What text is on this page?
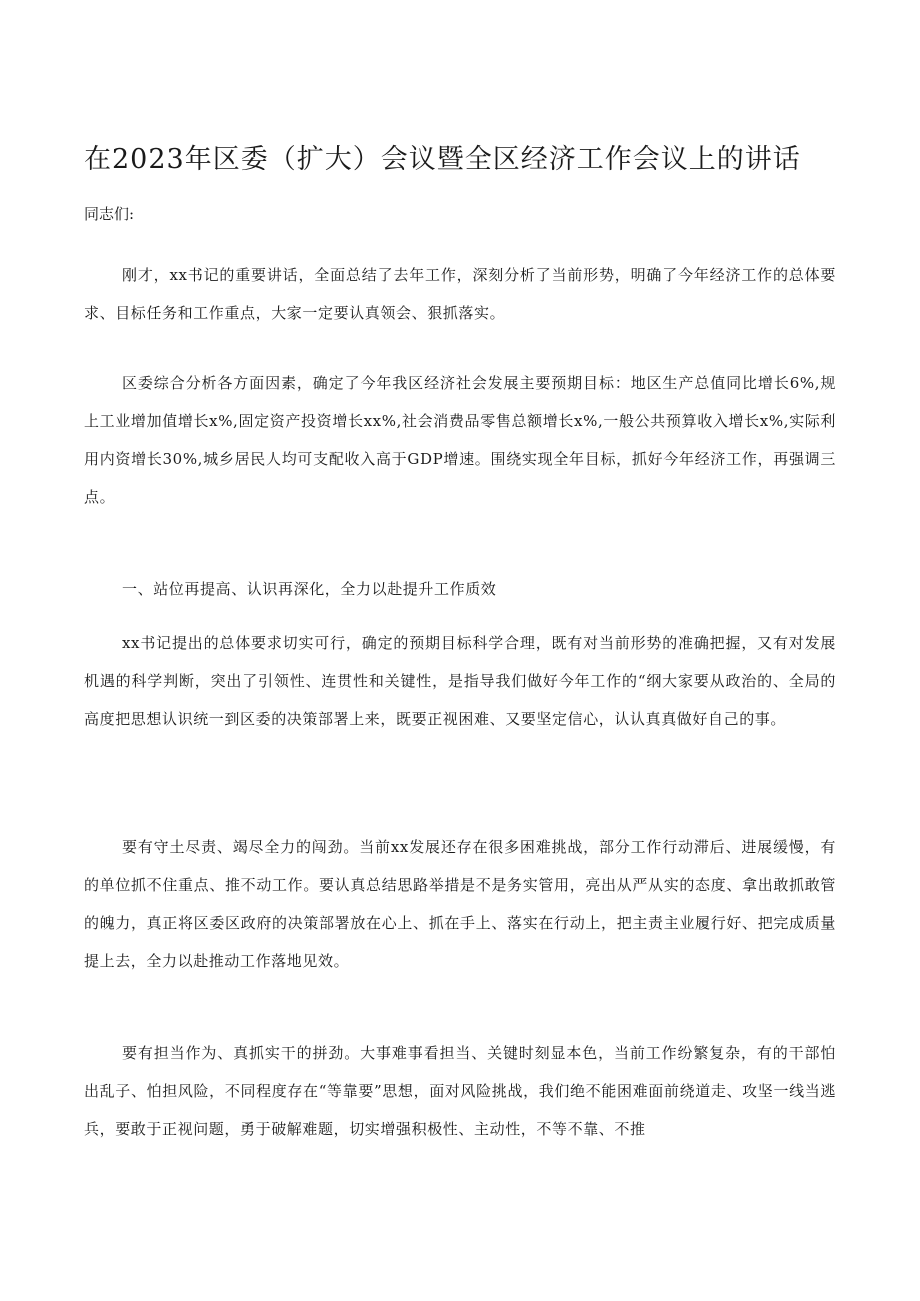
在2023年区委（扩大）会议暨全区经济工作会议上的讲话

同志们:

刚才，xx书记的重要讲话，全面总结了去年工作，深刻分析了当前形势，明确了今年经济工作的总体要求、目标任务和工作重点，大家一定要认真领会、狠抓落实。

区委综合分析各方面因素，确定了今年我区经济社会发展主要预期目标：地区生产总值同比增长6%,规上工业增加值增长x%,固定资产投资增长xx%,社会消费品零售总额增长x%,一般公共预算收入增长x%,实际利用内资增长30%,城乡居民人均可支配收入高于GDP增速。围绕实现全年目标，抓好今年经济工作，再强调三点。

一、站位再提高、认识再深化，全力以赴提升工作质效

xx书记提出的总体要求切实可行，确定的预期目标科学合理，既有对当前形势的准确把握，又有对发展机遇的科学判断，突出了引领性、连贯性和关键性，是指导我们做好今年工作的“纲大家要从政治的、全局的高度把思想认识统一到区委的决策部署上来，既要正视困难、又要坚定信心，认认真真做好自己的事。

要有守土尽责、竭尽全力的闯劲。当前xx发展还存在很多困难挑战，部分工作行动滞后、进展缓慢，有的单位抓不住重点、推不动工作。要认真总结思路举措是不是务实管用，亮出从严从实的态度、拿出敢抓敢管的魄力，真正将区委区政府的决策部署放在心上、抓在手上、落实在行动上，把主责主业履行好、把完成质量提上去，全力以赴推动工作落地见效。

要有担当作为、真抓实干的拼劲。大事难事看担当、关键时刻显本色，当前工作纷繁复杂，有的干部怕出乱子、怕担风险，不同程度存在“等靠要”思想，面对风险挑战，我们绝不能困难面前绕道走、攻坚一线当逃兵，要敢于正视问题，勇于破解难题，切实增强积极性、主动性，不等不靠、不推
